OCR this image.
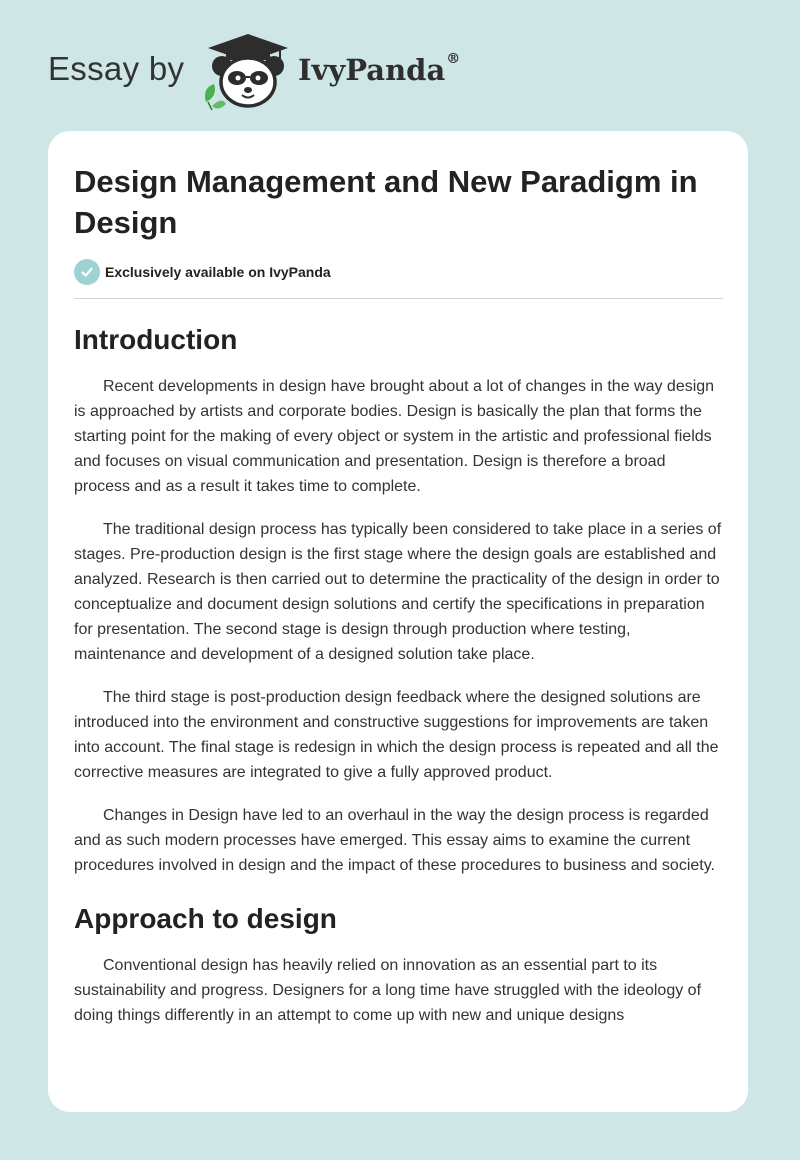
Essay by	IvyPanda®
Design Management and New Paradigm in Design
Exclusively available on IvyPanda
Introduction

Recent developments in design have brought about a lot of changes in the way design is approached by artists and corporate bodies. Design is basically the plan that forms the starting point for the making of every object or system in the artistic and professional fields and focuses on visual communication and presentation. Design is therefore a broad process and as a result it takes time to complete.

The traditional design process has typically been considered to take place in a series of stages. Pre-production design is the first stage where the design goals are established and analyzed. Research is then carried out to determine the practicality of the design in order to conceptualize and document design solutions and certify the specifications in preparation for presentation. The second stage is design through production where testing, maintenance and development of a designed solution take place.

The third stage is post-production design feedback where the designed solutions are introduced into the environment and constructive suggestions for improvements are taken into account. The final stage is redesign in which the design process is repeated and all the corrective measures are integrated to give a fully approved product.

Changes in Design have led to an overhaul in the way the design process is regarded and as such modern processes have emerged. This essay aims to examine the current procedures involved in design and the impact of these procedures to business and society.

Approach to design

Conventional design has heavily relied on innovation as an essential part to its sustainability and progress. Designers for a long time have struggled with the ideology of doing things differently in an attempt to come up with new and unique designs
